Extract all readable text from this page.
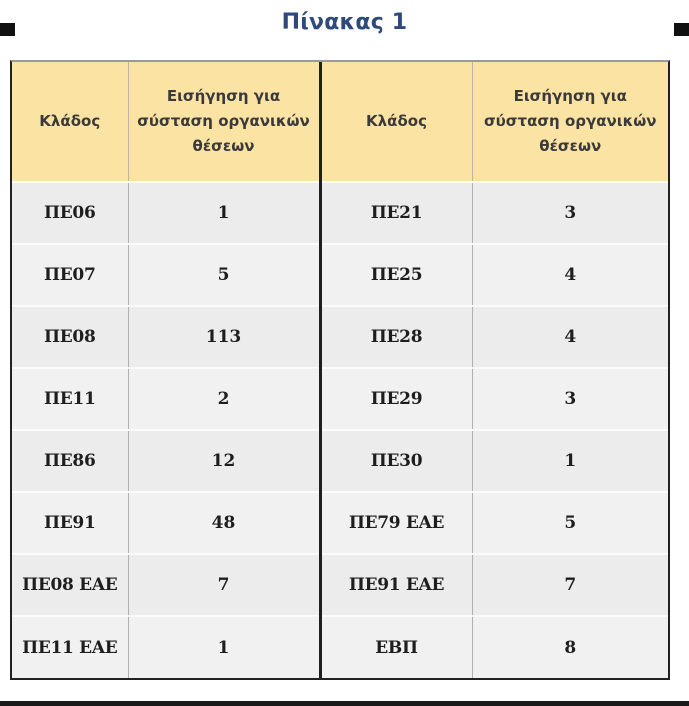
Πίνακας 1
Κλάδος	Εισήγηση για σύσταση οργανικών θέσεων	Κλάδος	Εισήγηση για σύσταση οργανικών θέσεων
ΠΕ06	1	ΠΕ21	3
ΠΕ07	5	ΠΕ25	4
ΠΕ08	113	ΠΕ28	4
ΠΕ11	2	ΠΕ29	3
ΠΕ86	12	ΠΕ30	1
ΠΕ91	48	ΠΕ79 ΕΑΕ	5
ΠΕ08 ΕΑΕ	7	ΠΕ91 ΕΑΕ	7
ΠΕ11 ΕΑΕ	1	ΕΒΠ	8
